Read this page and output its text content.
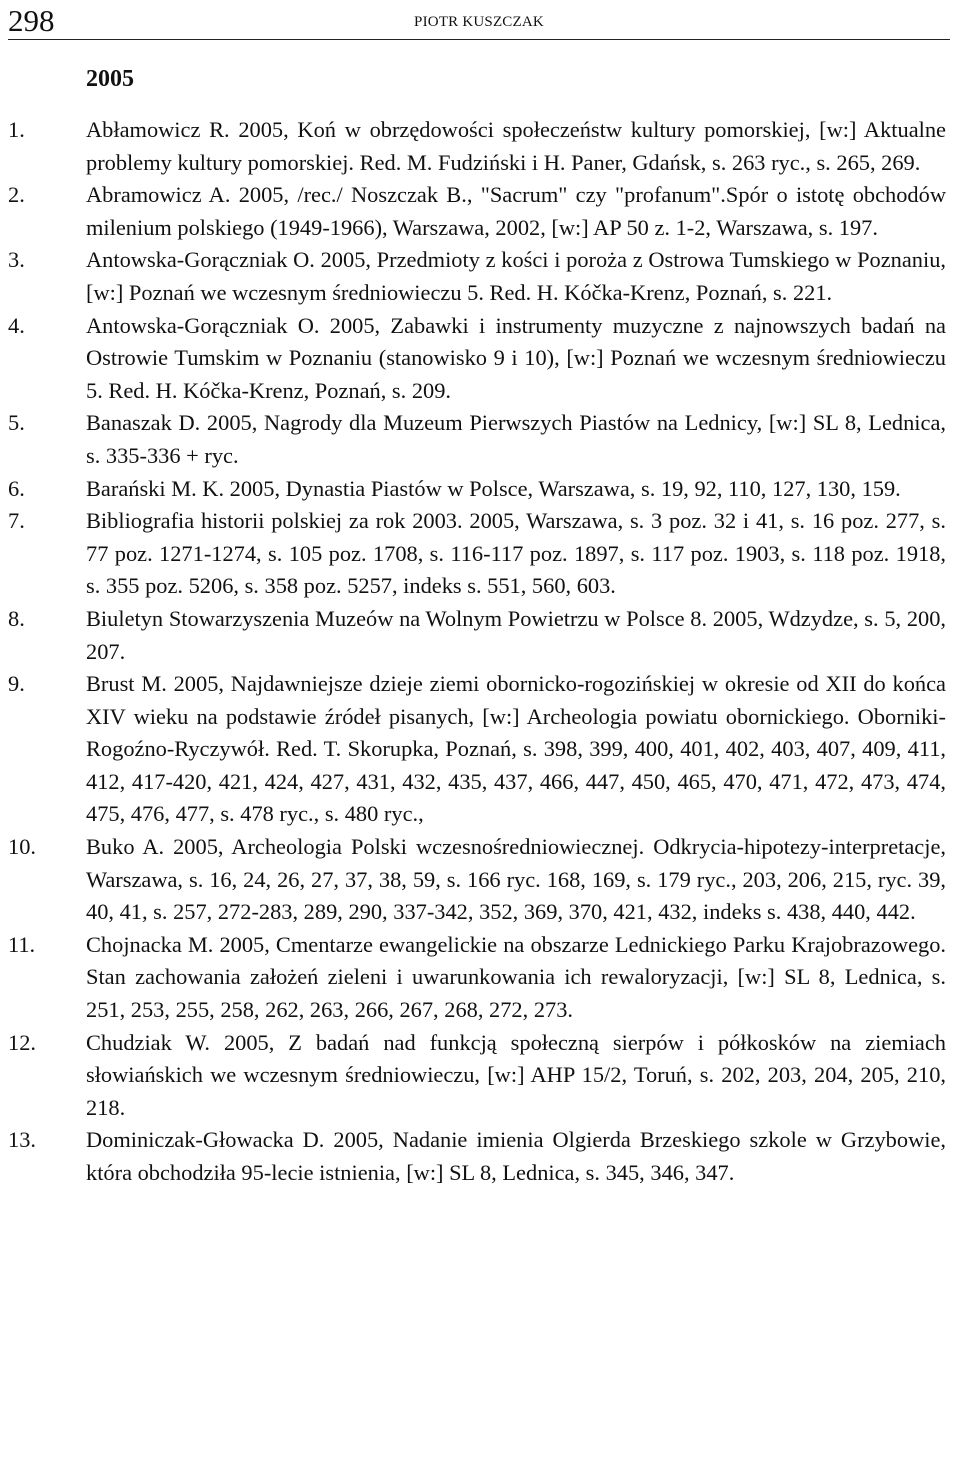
298	PIOTR KUSZCZAK
2005
1.	Abłamowicz R. 2005, Koń w obrzędowości społeczeństw kultury pomorskiej, [w:] Aktualne problemy kultury pomorskiej. Red. M. Fudziński i H. Paner, Gdańsk, s. 263 ryc., s. 265, 269.
2.	Abramowicz A. 2005, /rec./ Noszczak B., "Sacrum" czy "profanum".Spór o istotę obchodów milenium polskiego (1949-1966), Warszawa, 2002, [w:] AP 50 z. 1-2, Warszawa, s. 197.
3.	Antowska-Gorączniak O. 2005, Przedmioty z kości i poroża z Ostrowa Tumskiego w Poznaniu, [w:] Poznań we wczesnym średniowieczu 5. Red. H. Kóčka-Krenz, Poznań, s. 221.
4.	Antowska-Gorączniak O. 2005, Zabawki i instrumenty muzyczne z najnowszych badań na Ostrowie Tumskim w Poznaniu (stanowisko 9 i 10), [w:] Poznań we wczesnym średniowieczu 5. Red. H. Kóčka-Krenz, Poznań, s. 209.
5.	Banaszak D. 2005, Nagrody dla Muzeum Pierwszych Piastów na Lednicy, [w:] SL 8, Lednica, s. 335-336 + ryc.
6.	Barański M. K. 2005, Dynastia Piastów w Polsce, Warszawa, s. 19, 92, 110, 127, 130, 159.
7.	Bibliografia historii polskiej za rok 2003. 2005, Warszawa, s. 3 poz. 32 i 41, s. 16 poz. 277, s. 77 poz. 1271-1274, s. 105 poz. 1708, s. 116-117 poz. 1897, s. 117 poz. 1903, s. 118 poz. 1918, s. 355 poz. 5206, s. 358 poz. 5257, indeks s. 551, 560, 603.
8.	Biuletyn Stowarzyszenia Muzeów na Wolnym Powietrzu w Polsce 8. 2005, Wdzydze, s. 5, 200, 207.
9.	Brust M. 2005, Najdawniejsze dzieje ziemi obornicko-rogozińskiej w okresie od XII do końca XIV wieku na podstawie źródeł pisanych, [w:] Archeologia powiatu obornickiego. Oborniki-Rogoźno-Ryczywół. Red. T. Skorupka, Poznań, s. 398, 399, 400, 401, 402, 403, 407, 409, 411, 412, 417-420, 421, 424, 427, 431, 432, 435, 437, 466, 447, 450, 465, 470, 471, 472, 473, 474, 475, 476, 477, s. 478 ryc., s. 480 ryc.,
10. Buko A. 2005, Archeologia Polski wczesnośredniowiecznej. Odkrycia-hipotezy-interpretacje, Warszawa, s. 16, 24, 26, 27, 37, 38, 59, s. 166 ryc. 168, 169, s. 179 ryc., 203, 206, 215, ryc. 39, 40, 41, s. 257, 272-283, 289, 290, 337-342, 352, 369, 370, 421, 432, indeks s. 438, 440, 442.
11. Chojnacka M. 2005, Cmentarze ewangelickie na obszarze Lednickiego Parku Krajobrazowego. Stan zachowania założeń zieleni i uwarunkowania ich rewaloryzacji, [w:] SL 8, Lednica, s. 251, 253, 255, 258, 262, 263, 266, 267, 268, 272, 273.
12. Chudziak W. 2005, Z badań nad funkcją społeczną sierpów i półkosków na ziemiach słowiańskich we wczesnym średniowieczu, [w:] AHP 15/2, Toruń, s. 202, 203, 204, 205, 210, 218.
13. Dominiczak-Głowacka D. 2005, Nadanie imienia Olgierda Brzeskiego szkole w Grzybowie, która obchodziła 95-lecie istnienia, [w:] SL 8, Lednica, s. 345, 346, 347.
